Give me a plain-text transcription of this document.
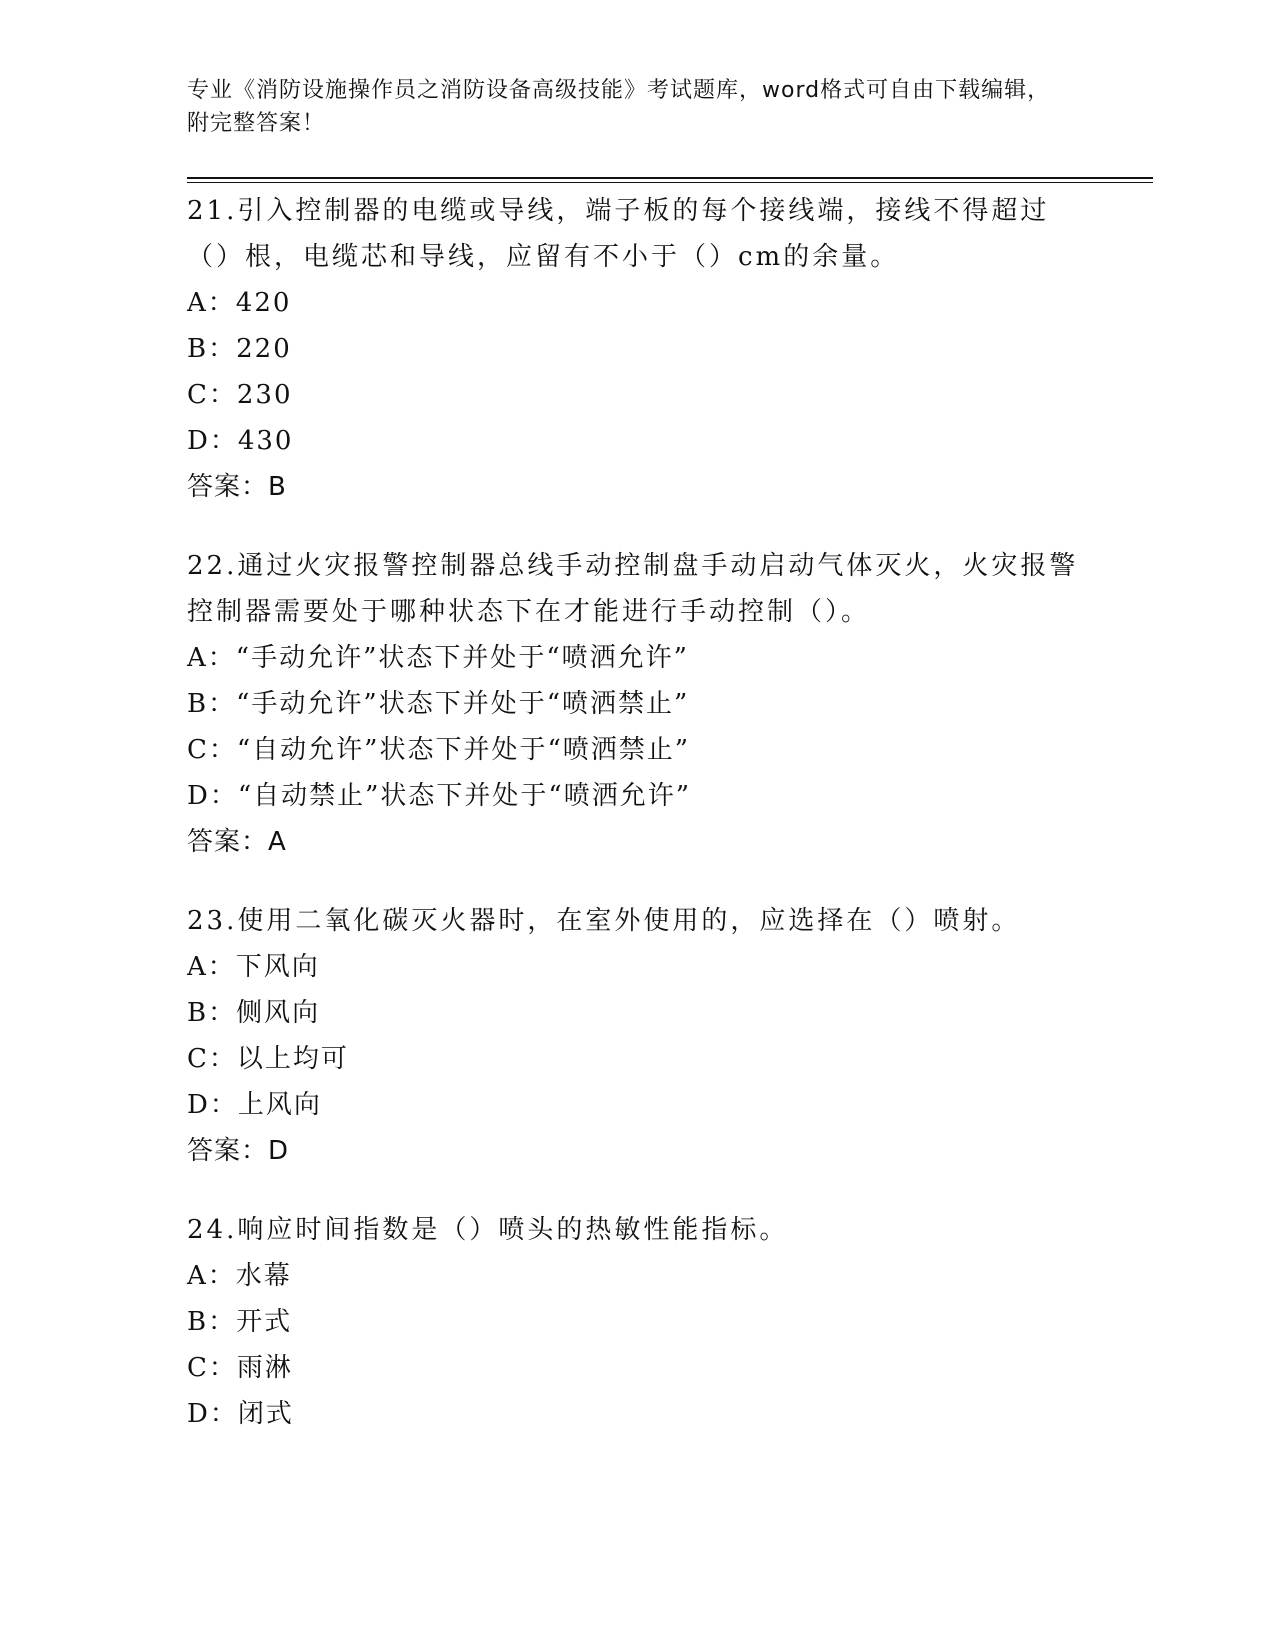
专业《消防设施操作员之消防设备高级技能》考试题库，word格式可自由下载编辑，附完整答案！
21.引入控制器的电缆或导线，端子板的每个接线端，接线不得超过（）根，电缆芯和导线，应留有不小于（）cm的余量。
A：420
B：220
C：230
D：430
答案：B
22.通过火灾报警控制器总线手动控制盘手动启动气体灭火，火灾报警控制器需要处于哪种状态下在才能进行手动控制（）。
A：“手动允许”状态下并处于“喷洒允许”
B：“手动允许”状态下并处于“喷洒禁止”
C：“自动允许”状态下并处于“喷洒禁止”
D：“自动禁止”状态下并处于“喷洒允许”
答案：A
23.使用二氧化碳灭火器时，在室外使用的，应选择在（）喷射。
A：下风向
B：侧风向
C：以上均可
D：上风向
答案：D
24.响应时间指数是（）喷头的热敏性能指标。
A：水幕
B：开式
C：雨淋
D：闭式
